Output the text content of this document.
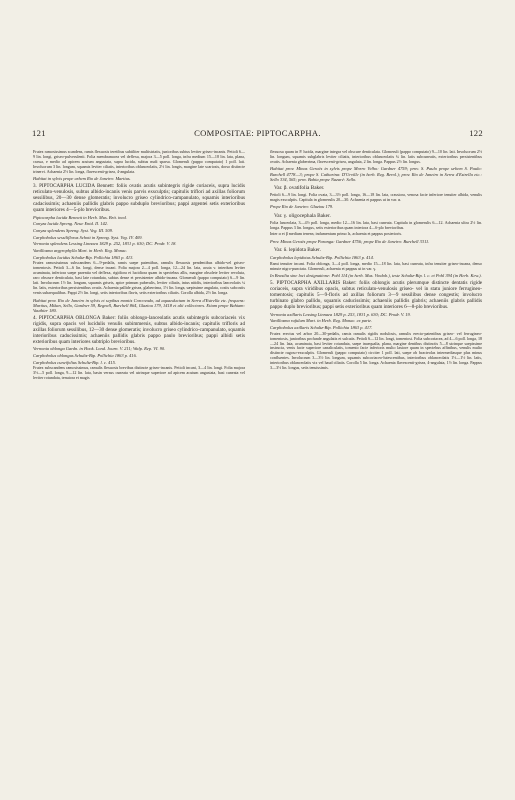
121	COMPOSITAE: PIPTOCARPHA.	122

Frutex ramosissimus scandens, ramis flexuosis teretibus subtiliter multistriatis, junioribus subtus leviter griseo-incanis. Petioli 6—9 lin. longi, griseo-pulverulenti. Folia membranacea vel deflexa, majora 3—5 poll. longa, infra medium 15—18 lin. lata, plana, crassa, e medio ad apicem acutum angustata, supra lucida, subtus nudi sparsa. Glomeruli (pappo computato) 1 poll. lati. Involucrum 3 lin. longum, squamis leviter ciliatis, interioribus oblanceolatis, 2½ lin. longis, margine late scariosis, dorso distincte trinervi. Achaenia 2½ lin. longa, flavescenti-grisea, 4-angulata.

Habitat in sylvis prope urbem Rio de Janeiro: Martius.

3. PIPTOCARPHA LUCIDA Bennett: foliis ovatis acutis subintegris rigide coriaceis, supra lucidis reticulato-venulosis, subtus albido-incanis venis parvis exsculptis; capitulis triflori ad axillas foliorum sessilibus, 20—30 dense glomeratis; involucro griseo cylindrico-campanulato, squamis interioribus cadacissimis; achaeniis pallidis glabris pappo subduplo brevioribus; pappi argentei setis exterioribus quam interiores 4—5-plo brevioribus.

Piptocarpha lucida Bennett in Herb. Mus. Brit. ined.

Conyza lucida Spreng. Neue Entd. II. 142.

Conyza splendens Spreng. Syst. Veg. III. 509.

Carphobolus sessiliflorus Schott in Spreng. Syst. Veg. IV. 409.

Vernonia splendens Lessing Linnaea 1829 p. 252, 1831 p. 630; DC. Prodr. V. 18.

Vanillosma argyrophylla Mart. in Herb. Reg. Monac.

Carphobolus lucidus Schultz-Bip. Pollichia 1863 p. 413.

Frutex ramosissimus subscandens 6—9-pedalis, ramis saepe patentibus, ramulis flexuosis pendentibus albido-vel griseo-tomentosis. Petioli 3—6 lin. longi, dense incani. Folia majora 2—4 poll. longa, 12—24 lin. lata, acuta v. interdum leviter acuminata, inferiora saepe parentia vel deflexa, rigidiora et lucidiora quam in speciebus allis, margine obsolete leviter revoluta, raro obscure denticulata, basi late rotundata, subtus dense et persistenter albido-incana. Glomeruli (pappo computato) 6—9 lin. lati. Involucrum 1½ lin. longum, squamis griseis, apice primum puberulis, leviter ciliatis, intus nitidis, interioribus lanceolatis ¼ lin. latis, exterioribus persistentibus ovatis. Achaenia pallide grisea, glaberrima, 1½ lin. longa, sæpissime angulata, costis subcostis venis subaequalibus. Pappi 2½ lin. longi, setis interioribus flavis, setis exterioribus ciliatis. Corolla albida, 2½ lin. longa.

Habitat prov. Rio de Janeiro in sylvis et sepibus montis Corcovado, ad aquaeductum in Serra d'Estrella etc. frequens: Martius, Mikan, Sello, Gardner 59, Regnell, Burchell 864, Glaziou 179, 1418 et alii collectores. Etiam prope Bahiam: Vauthier 180.

4. PIPTOCARPHA OBLONGA Baker: foliis oblongo-lanceolatis acutis subintegris subcoriaceis vix rigidis, supra opacis vel lucidulis venulis subimmersis, subtus albido-incanis; capitulis trifloris ad axillas foliorum sessilibus, 12—30 dense glomeratis; involucro griseo cylindrico-campanulato, squamis interioribus caducissimis; achaeniis pallidis glabris pappo paulo brevioribus; pappi albidi setis exterioribus quam interiores subtriplo brevioribus.

Vernonia oblonga Gardn. in Hook. Lond. Journ. V. 211; Walp. Rep. VI. 90.

Carphobolus oblongus Schultz-Bip. Pollichia 1863 p. 416.

Carphobolus cuneifolius Schultz-Bip. l. c. 415.

Frutex subscandens ramosissimus, ramulis flexuosis brevibus distincte griseo-incanis. Petioli incani, 3—4 lin. longi. Folia majora 3½—5 poll. longa, 9—12 lin. lata, basin versus cuneata vel utrinque superiore ad apicem acutum angustata, basi cuneata vel leviter rotundata, tenuiora et magis

flexuosa quam in P. lucida, margine integra vel obscure denticulata. Glomeruli (pappo computato) 9—10 lin. lati. Involucrum 2½ lin. longum, squamis subglabris leviter ciliatis, interioribus oblanceolatis ¾ lin. latis subcuneatis, exterioribus persistentibus ovatis. Achaenia glaberrima, flavescenti-grisea, angulata, 2 lin. longa. Pappus 2½ lin. longus.

Habitat prov. Minas Geraës in sylvis prope Morro Velho: Gardner 4759; prov. S. Paulo prope urbem S. Paulo: Burchell 4778—3; prope S. Catharina: D'Urville (in herb. Reg. Berol.); prov. Rio de Janeiro in Serra d'Estrella etc.: Sello 334, 565; prov. Bahia prope Nazaré: Sello.

Var. β. ovatifolia Baker.

Petioli 6—9 lin. longi. Folia ovata, 3—3½ poll. longa, 16—18 lin. lata, crassiora, venosa facie inferiore tenuiter albida, venulis magis exsculptis. Capitula in glomerulis 20—30. Achaenia et pappus ut in var. α.

Prope Rio de Janeiro: Glaziou 179.

Var. γ. oligocephala Baker.

Folia lanceolata, 3—4½ poll. longa, medio 12—16 lin. lata, basi cuneata. Capitula in glomerulis 6—12. Achaenia ultra 2½ lin. longa. Pappus 3 lin. longus, setis exterioribus quam interiora 4—6-plo brevioribus.

Inter α et β medium tenens; indumentum primo ls, achaenia et pappus posterioris.

Prov. Minas Geraës prope Paranga: Gardner 4756; prope Rio de Janeiro: Burchell 3311.

Var. δ. lepidota Baker.

Carphobolus lepidotus Schultz-Bip. Pollichia 1863 p. 414.

Rami tenuiter incani. Folia oblonga, 3—4 poll. longa, medio 15—18 lin. lata, basi cuneata, infra tenuiter griseo-incana, denso minute nigro-punctata. Glomeruli, achaenia et pappus ut in var. γ.

In Brasilia sine loci designatione: Pohl 114 (in herb. Mus. Vindob.), teste Schultz-Bip. l. c. et Pohl 394 (in Herb. Kew.).

5. PIPTOCARPHA AXILLARIS Baker: foliis oblongis acutis plerumque distincte dentatis rigide coriaceis, supra viridibus opacis, subtus reticulato-venulosis griseo- vel in statu juniore ferrugineo-tomentosis; capitulis 5—9-floris ad axillas foliorum 3—9 sessilibus dense congestis; involucro turbinato glabro pallido, squamis caducissimis; achaeniis pallidis glabris; achaeniis glabris pallidis pappo duplo brevioribus; pappi setis exterioribus quam interiores 6—8-plo brevioribus.

Vernonia axillaris Lessing Linnaea 1829 p. 253, 1831 p. 630; DC. Prodr. V. 19.

Vanillosma rufulum Mart. in Herb. Reg. Monac. ex parte.

Carphobolus axillaris Schultz-Bip. Pollichia 1863 p. 417.

Frutex erectus vel arbor 20—30-pedalis, ramis ramulis rigidis nodulosis, ramulis erecto-patentibus griseo- vel ferrugineo-tomentosis, junioribus profunde angulatis et sulcatis. Petioli 6—12 lin. longi, tomentosi. Folia subcoriacea, ad 4—6 poll. longa, 18—24 lin. lata, acuminata, basi leviter rotundata, saepe inaequalia, plana, margine dentibus distinctis 5—8 utrinque saepissime instructa, venis facie superiore canaliculatis, tomento facie inferioris multo laxiore quam in speciebus affinibus, venulis multo distincte rugoso-exsculptis. Glomeruli (pappo computato) circiter 1 poll. lati, saepe ob bracteolas intermediasque plus minus confluentes. Involucrum 3—3½ lin. longum, squamis subcoriaceo-lutescentibus, interioribus oblanceolatis 1½—1½ lin. latis, interioribus oblanceolatis vix vel haud ciliatis. Corolla 5 lin. longa. Achaenia flavescenti-grisea, 4-angulata, 1½ lin. longa. Pappus 3—3½ lin. longus, setis tenuissimis.
